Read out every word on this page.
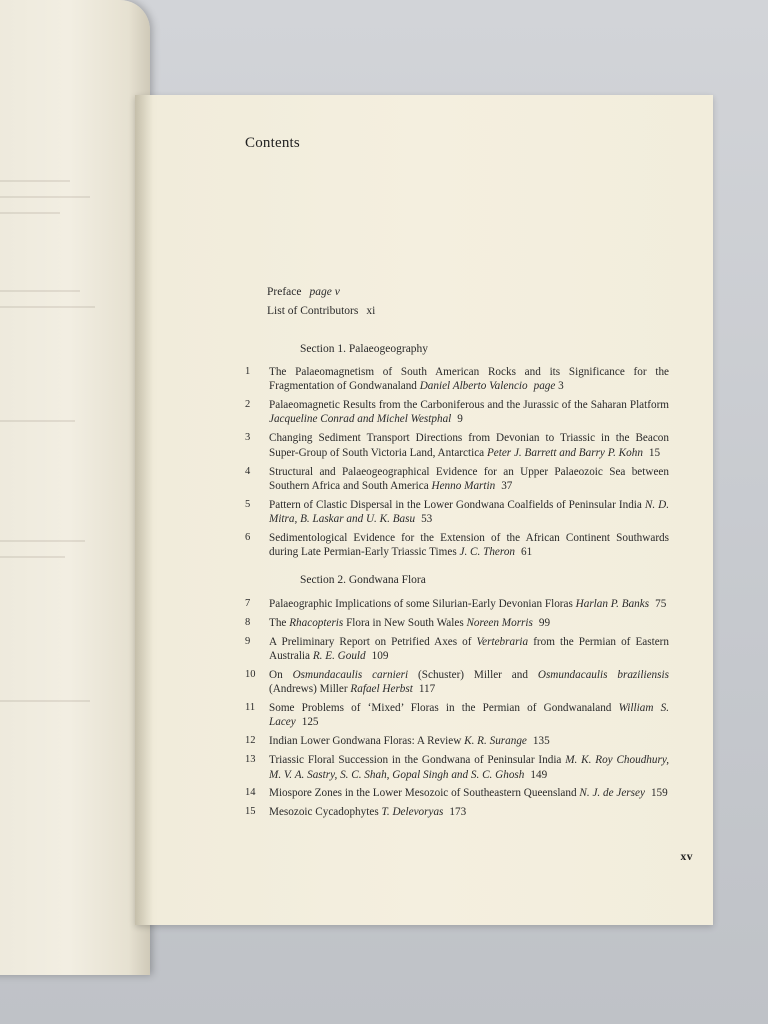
Contents
Preface page v
List of Contributors xi
Section 1. Palaeogeography
1	The Palaeomagnetism of South American Rocks and its Significance for the Fragmentation of Gondwanaland Daniel Alberto Valencio page 3
2	Palaeomagnetic Results from the Carboniferous and the Jurassic of the Saharan Platform Jacqueline Conrad and Michel Westphal 9
3	Changing Sediment Transport Directions from Devonian to Triassic in the Beacon Super-Group of South Victoria Land, Antarctica Peter J. Barrett and Barry P. Kohn 15
4	Structural and Palaeogeographical Evidence for an Upper Palaeozoic Sea between Southern Africa and South America Henno Martin 37
5	Pattern of Clastic Dispersal in the Lower Gondwana Coalfields of Peninsular India N. D. Mitra, B. Laskar and U. K. Basu 53
6	Sedimentological Evidence for the Extension of the African Continent Southwards during Late Permian-Early Triassic Times J. C. Theron 61
Section 2. Gondwana Flora
7	Palaeographic Implications of some Silurian-Early Devonian Floras Harlan P. Banks 75
8	The Rhacopteris Flora in New South Wales Noreen Morris 99
9	A Preliminary Report on Petrified Axes of Vertebraria from the Permian of Eastern Australia R. E. Gould 109
10	On Osmundacaulis carnieri (Schuster) Miller and Osmundacaulis braziliensis (Andrews) Miller Rafael Herbst 117
11	Some Problems of ‘Mixed’ Floras in the Permian of Gondwanaland William S. Lacey 125
12	Indian Lower Gondwana Floras: A Review K. R. Surange 135
13	Triassic Floral Succession in the Gondwana of Peninsular India M. K. Roy Choudhury, M. V. A. Sastry, S. C. Shah, Gopal Singh and S. C. Ghosh 149
14	Miospore Zones in the Lower Mesozoic of Southeastern Queensland N. J. de Jersey 159
15	Mesozoic Cycadophytes T. Delevoryas 173
xv
